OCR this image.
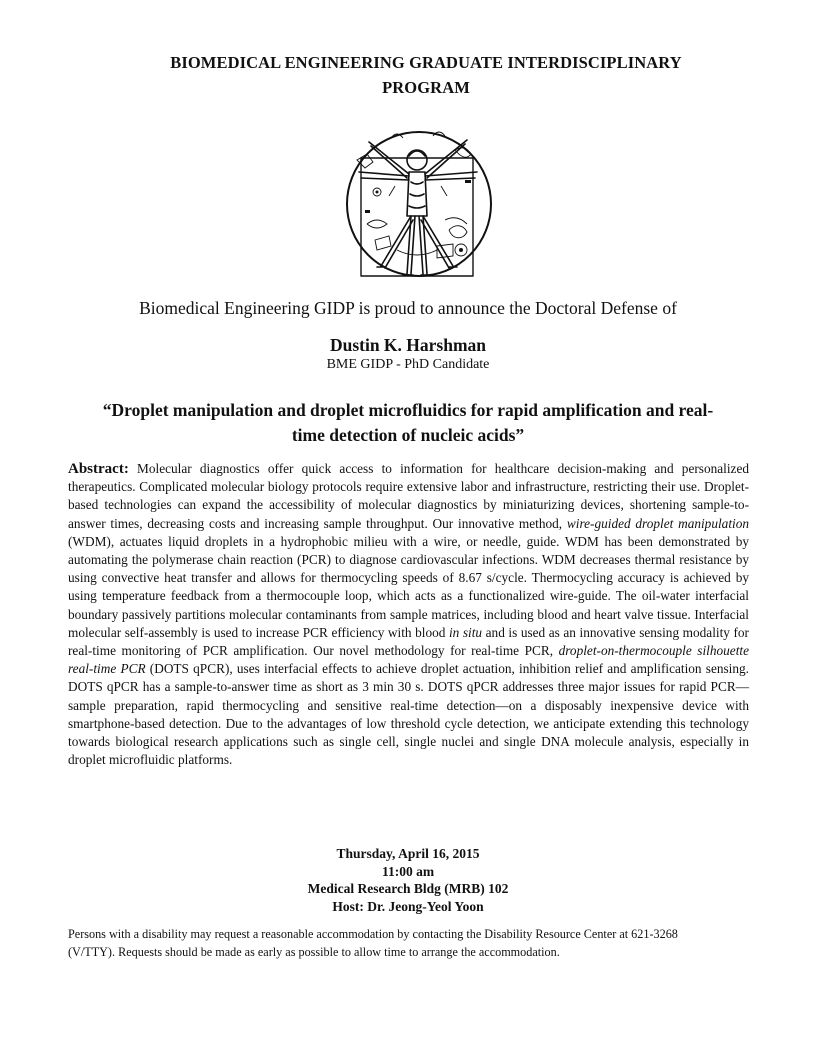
BIOMEDICAL ENGINEERING GRADUATE INTERDISCIPLINARY
PROGRAM
Biomedical Engineering GIDP is proud to announce the Doctoral Defense of
Dustin K. Harshman
BME GIDP - PhD Candidate
“Droplet manipulation and droplet microfluidics for rapid amplification and real-
time detection of nucleic acids”
Abstract: Molecular diagnostics offer quick access to information for healthcare decision-making and personalized therapeutics. Complicated molecular biology protocols require extensive labor and infrastructure, restricting their use. Droplet-based technologies can expand the accessibility of molecular diagnostics by miniaturizing devices, shortening sample-to-answer times, decreasing costs and increasing sample throughput. Our innovative method, wire-guided droplet manipulation (WDM), actuates liquid droplets in a hydrophobic milieu with a wire, or needle, guide. WDM has been demonstrated by automating the polymerase chain reaction (PCR) to diagnose cardiovascular infections. WDM decreases thermal resistance by using convective heat transfer and allows for thermocycling speeds of 8.67 s/cycle. Thermocycling accuracy is achieved by using temperature feedback from a thermocouple loop, which acts as a functionalized wire-guide. The oil-water interfacial boundary passively partitions molecular contaminants from sample matrices, including blood and heart valve tissue. Interfacial molecular self-assembly is used to increase PCR efficiency with blood in situ and is used as an innovative sensing modality for real-time monitoring of PCR amplification. Our novel methodology for real-time PCR, droplet-on-thermocouple silhouette real-time PCR (DOTS qPCR), uses interfacial effects to achieve droplet actuation, inhibition relief and amplification sensing. DOTS qPCR has a sample-to-answer time as short as 3 min 30 s. DOTS qPCR addresses three major issues for rapid PCR—sample preparation, rapid thermocycling and sensitive real-time detection—on a disposably inexpensive device with smartphone-based detection. Due to the advantages of low threshold cycle detection, we anticipate extending this technology towards biological research applications such as single cell, single nuclei and single DNA molecule analysis, especially in droplet microfluidic platforms.
Thursday, April 16, 2015
11:00 am
Medical Research Bldg (MRB) 102
Host: Dr. Jeong-Yeol Yoon
Persons with a disability may request a reasonable accommodation by contacting the Disability Resource Center at 621-3268
(V/TTY). Requests should be made as early as possible to allow time to arrange the accommodation.
